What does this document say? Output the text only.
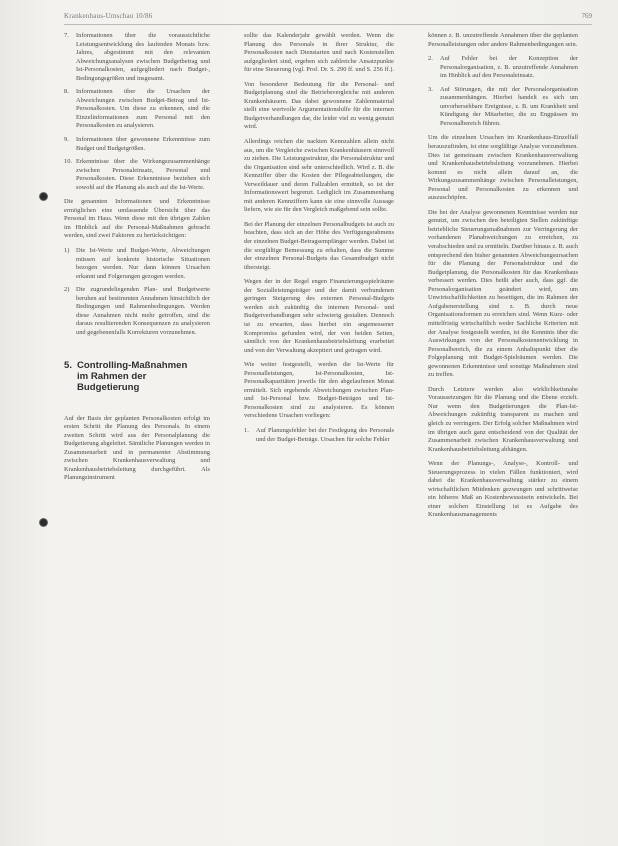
Krankenhaus-Umschau 10/86	769
7.	Informationen über die voraussichtliche Leistungsentwicklung des laufenden Monats bzw. Jahres, abgestimmt mit den relevanten Abweichungsanalysen zwischen Budgetbetrag und Ist-Personalkosten, aufgegliedert nach Budget-, Bedingungsgrößen und insgesamt.
8.	Informationen über die Ursachen der Abweichungen zwischen Budget-Betrag und Ist-Personalkosten. Um diese zu erkennen, sind die Einzelinformationen zum Personal mit den Personalkosten zu analysieren.
9.	Informationen über gewonnene Erkenntnisse zum Budget und Budgetgrößen.
10. Erkenntnisse über die Wirkungszusammenhänge zwischen Personaleinsatz, Personal und Personalkosten. Diese Erkenntnisse beziehen sich sowohl auf die Planung als auch auf die Ist-Werte.

Die genannten Informationen und Erkenntnisse ermöglichen eine umfassende Übersicht über das Personal im Haus. Wenn diese mit den übrigen Zahlen im Hinblick auf die Personal-Maßnahmen gebracht werden, sind zwei Faktoren zu berücksichtigen:

1)	Die Ist-Werte und Budget-Werte, Abweichungen müssen auf konkrete historische Situationen bezogen werden. Nur dann können Ursachen erkannt und Folgerungen gezogen werden.
2)	Die zugrundeliegenden Plan- und Budgetwerte beruhen auf bestimmten Annahmen hinsichtlich der Bedingungen und Rahmenbedingungen. Werden diese Annahmen nicht mehr getroffen, sind die daraus resultierenden Konsequenzen zu analysieren und gegebenenfalls Korrekturen vorzunehmen.
5. Controlling-Maßnahmen
im Rahmen der
Budgetierung

Auf der Basis der geplanten Personalkosten erfolgt im ersten Schritt die Planung des Personals. In einem zweiten Schritt wird aus der Personalplanung die Budgetierung abgeleitet. Sämtliche Planungen werden in Zusammenarbeit und in permanenter Abstimmung zwischen Krankenhausverwaltung und Krankenhausbetriebsleitung durchgeführt. Als Planungsinstrument

sollte das Kalenderjahr gewählt werden. Wenn die Planung des Personals in ihrer Struktur, die Personalkosten nach Dienstarten und nach Kostenstellen aufgegliedert sind, ergeben sich zahlreiche Ansatzpunkte für eine Steuerung (vgl. Prof. Dr. S. 290 ff. und S. 256 ff.).

Von besonderer Bedeutung für die Personal- und Budgetplanung sind die Betriebsvergleiche mit anderen Krankenhäusern. Das dabei gewonnene Zahlenmaterial stellt eine wertvolle Argumentationshilfe für die internen Budgetverhandlungen dar, die leider viel zu wenig genutzt wird.

Allerdings reichen die nackten Kennzahlen allein nicht aus, um die Vergleiche zwischen Krankenhäusern sinnvoll zu ziehen. Die Leistungsstruktur, die Personalstruktur und die Organisation sind sehr unterschiedlich. Wird z. B. die Kennziffer über die Kosten der Pflegeabteilungen, die Verweildauer und deren Fallzahlen ermittelt, so ist der Informationswert begrenzt. Lediglich im Zusammenhang mit anderen Kennziffern kann sie eine sinnvolle Aussage liefern, wie sie für den Vergleich maßgebend sein sollte.

Bei der Planung der einzelnen Personalbudgets ist auch zu beachten, dass sich an der Höhe des Verfügungsrahmens der einzelnen Budget-Betragsempfänger werden. Dabei ist die sorgfältige Bemessung zu erhalten, dass die Summe der einzelnen Personal-Budgets das Gesamtbudget nicht übersteigt.

Wegen der in der Regel engen Finanzierungsspielräume der Sozialleistungsträger und der damit verbundenen geringen Steigerung des externen Personal-Budgets werden sich zukünftig die internen Personal- und Budgetverhandlungen sehr schwierig gestalten. Dennoch ist zu erwarten, dass hierbei ein angemessener Kompromiss gefunden wird, der von beiden Seiten, sämtlich von der Krankenhausbetriebsleitung erarbeitet und von der Verwaltung akzeptiert und getragen wird.

Wie weiter festgestellt, werden die Ist-Werte für Personalleistungen, Ist-Personalkosten, Ist-Personalkapazitäten jeweils für den abgelaufenen Monat ermittelt. Sich ergebende Abweichungen zwischen Plan- und Ist-Personal bzw. Budget-Beträgen und Ist-Personalkosten sind zu analysieren. Es können verschiedene Ursachen vorliegen:

1.	Auf Planungsfehler bei der Festlegung des Personals und der Budget-Beträge. Ursachen für solche Fehler

können z. B. unzutreffende Annahmen über die geplanten Personalleistungen oder andere Rahmenbedingungen sein.

2.	Auf Fehler bei der Konzeption der Personalorganisation, z. B. unzutreffende Annahmen im Hinblick auf den Personaleinsatz.
3.	Auf Störungen, die mit der Personalorganisation zusammenhängen. Hierbei handelt es sich um unvorhersehbare Ereignisse, z. B. um Krankheit und Kündigung der Mitarbeiter, die zu Engpässen im Personalbereich führen.

Um die einzelnen Ursachen im Krankenhaus-Einzelfall herauszufinden, ist eine sorgfältige Analyse vorzunehmen. Dies ist gemeinsam zwischen Krankenhausverwaltung und Krankenhausbetriebsleitung vorzunehmen. Hierbei kommt es nicht allein darauf an, die Wirkungszusammenhänge zwischen Personalleistungen, Personal und Personalkosten zu erkennen und auszuschöpfen.

Die bei der Analyse gewonnenen Kenntnisse werden nur genutzt, um zwischen den beteiligten Stellen zukünftige betriebliche Steuerungsmaßnahmen zur Verringerung der vorhandenen Planabweichungen zu erreichen, zu verabschieden und zu ermitteln. Darüber hinaus z. B. auch entsprechend den bisher genannten Abweichungsursachen für die Planung der Personalstruktur und die Budgetplanung, die Personalkosten für das Krankenhaus verbessert werden. Dies heißt aber auch, dass ggf. die Personalorganisation geändert wird, um Unwirtschaftlichkeiten zu beseitigen, die im Rahmen der Aufgabenerstellung sind z. B. durch neue Organisationsformen zu erreichen sind. Wenn Kurz- oder mittelfristig wirtschaftlich weder Sachliche Kriterien mit der Analyse festgestellt werden, ist die Kenntnis über die Auswirkungen von der Personalkostenentwicklung in Personalbereich, die zu einem Anhaltspunkt über die Folgeplanung mit Budget-Spielräumen werden. Die gewonnenen Erkenntnisse und sonstige Maßnahmen sind zu treffen.

Durch Letztere werden also wirklichkeitsnahe Voraussetzungen für die Planung und die Ebene erzielt. Nur wenn den Budgetierungen die Plan-Ist-Abweichungen zukünftig transparent zu machen und gleich zu verringern. Der Erfolg solcher Maßnahmen wird im übrigen auch ganz entscheidend von der Qualität der Zusammenarbeit zwischen Krankenhausverwaltung und Krankenhausbetriebsleitung abhängen.

Wenn der Planungs-, Analyse-, Kontroll- und Steuerungsprozess in vielen Fällen funktioniert, wird dabei die Krankenhausverwaltung stärker zu einem wirtschaftlichen Mitdenken gezwungen und schrittweise ein höheres Maß an Kostenbewusstsein entwickeln. Bei einer solchen Einstellung ist es Aufgabe des Krankenhausmanagements
